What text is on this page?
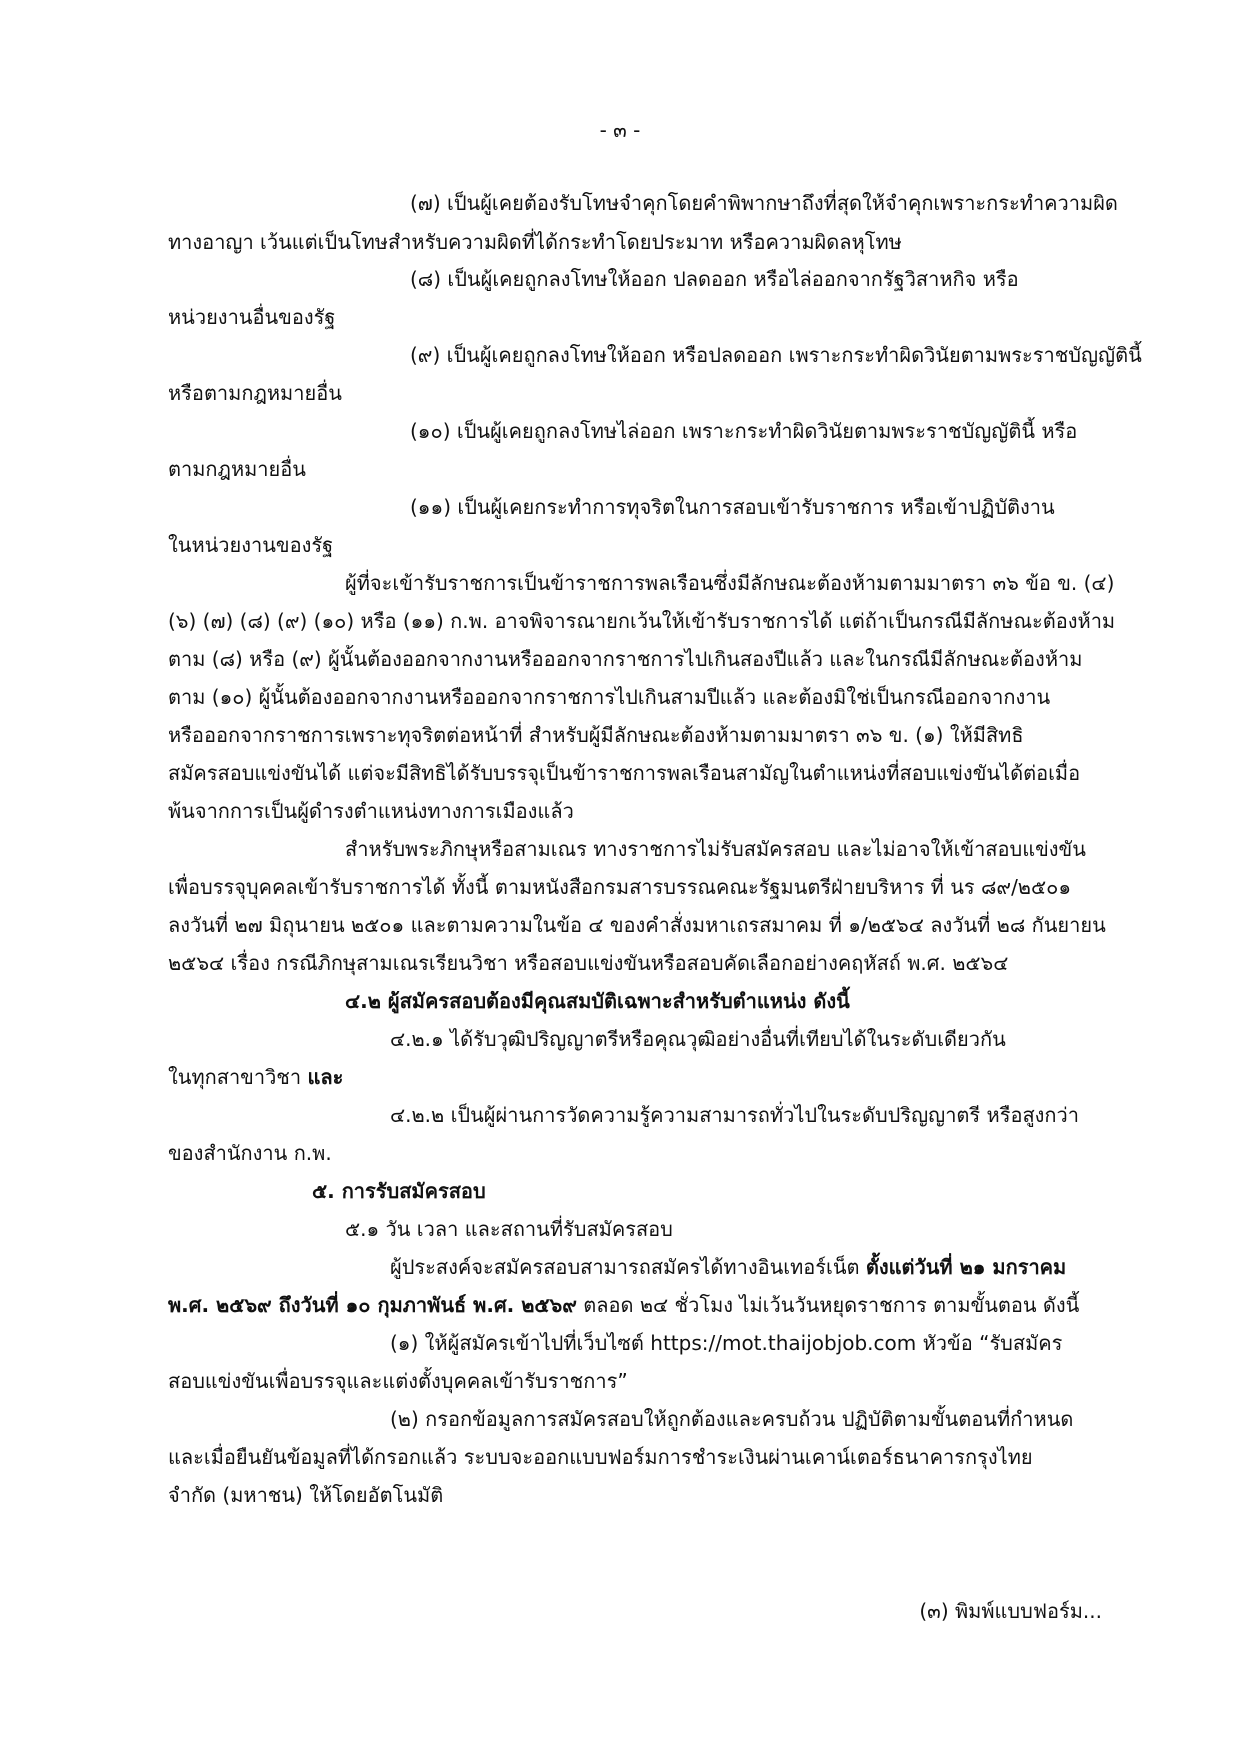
- ๓ -
(๗) เป็นผู้เคยต้องรับโทษจำคุกโดยคำพิพากษาถึงที่สุดให้จำคุกเพราะกระทำความผิด
ทางอาญา เว้นแต่เป็นโทษสำหรับความผิดที่ได้กระทำโดยประมาท หรือความผิดลหุโทษ
(๘) เป็นผู้เคยถูกลงโทษให้ออก ปลดออก หรือไล่ออกจากรัฐวิสาหกิจ หรือ
หน่วยงานอื่นของรัฐ
(๙) เป็นผู้เคยถูกลงโทษให้ออก หรือปลดออก เพราะกระทำผิดวินัยตามพระราชบัญญัตินี้
หรือตามกฎหมายอื่น
(๑๐) เป็นผู้เคยถูกลงโทษไล่ออก เพราะกระทำผิดวินัยตามพระราชบัญญัตินี้ หรือ
ตามกฎหมายอื่น
(๑๑) เป็นผู้เคยกระทำการทุจริตในการสอบเข้ารับราชการ หรือเข้าปฏิบัติงาน
ในหน่วยงานของรัฐ
ผู้ที่จะเข้ารับราชการเป็นข้าราชการพลเรือนซึ่งมีลักษณะต้องห้ามตามมาตรา ๓๖ ข้อ ข. (๔)
(๖) (๗) (๘) (๙) (๑๐) หรือ (๑๑) ก.พ. อาจพิจารณายกเว้นให้เข้ารับราชการได้ แต่ถ้าเป็นกรณีมีลักษณะต้องห้าม
ตาม (๘) หรือ (๙) ผู้นั้นต้องออกจากงานหรือออกจากราชการไปเกินสองปีแล้ว และในกรณีมีลักษณะต้องห้าม
ตาม (๑๐) ผู้นั้นต้องออกจากงานหรือออกจากราชการไปเกินสามปีแล้ว และต้องมิใช่เป็นกรณีออกจากงาน
หรือออกจากราชการเพราะทุจริตต่อหน้าที่ สำหรับผู้มีลักษณะต้องห้ามตามมาตรา ๓๖ ข. (๑) ให้มีสิทธิ
สมัครสอบแข่งขันได้ แต่จะมีสิทธิได้รับบรรจุเป็นข้าราชการพลเรือนสามัญในตำแหน่งที่สอบแข่งขันได้ต่อเมื่อ
พ้นจากการเป็นผู้ดำรงตำแหน่งทางการเมืองแล้ว
สำหรับพระภิกษุหรือสามเณร ทางราชการไม่รับสมัครสอบ และไม่อาจให้เข้าสอบแข่งขัน
เพื่อบรรจุบุคคลเข้ารับราชการได้ ทั้งนี้ ตามหนังสือกรมสารบรรณคณะรัฐมนตรีฝ่ายบริหาร ที่ นร ๘๙/๒๕๐๑
ลงวันที่ ๒๗ มิถุนายน ๒๕๐๑ และตามความในข้อ ๔ ของคำสั่งมหาเถรสมาคม ที่ ๑/๒๕๖๔ ลงวันที่ ๒๘ กันยายน
๒๕๖๔ เรื่อง กรณีภิกษุสามเณรเรียนวิชา หรือสอบแข่งขันหรือสอบคัดเลือกอย่างคฤหัสถ์ พ.ศ. ๒๕๖๔
๔.๒ ผู้สมัครสอบต้องมีคุณสมบัติเฉพาะสำหรับตำแหน่ง ดังนี้
๔.๒.๑ ได้รับวุฒิปริญญาตรีหรือคุณวุฒิอย่างอื่นที่เทียบได้ในระดับเดียวกัน
ในทุกสาขาวิชา และ
๔.๒.๒ เป็นผู้ผ่านการวัดความรู้ความสามารถทั่วไปในระดับปริญญาตรี หรือสูงกว่า
ของสำนักงาน ก.พ.
๕. การรับสมัครสอบ
๕.๑ วัน เวลา และสถานที่รับสมัครสอบ
ผู้ประสงค์จะสมัครสอบสามารถสมัครได้ทางอินเทอร์เน็ต ตั้งแต่วันที่ ๒๑ มกราคม
พ.ศ. ๒๕๖๙ ถึงวันที่ ๑๐ กุมภาพันธ์ พ.ศ. ๒๕๖๙ ตลอด ๒๔ ชั่วโมง ไม่เว้นวันหยุดราชการ ตามขั้นตอน ดังนี้
(๑) ให้ผู้สมัครเข้าไปที่เว็บไซต์ https://mot.thaijobjob.com หัวข้อ “รับสมัคร
สอบแข่งขันเพื่อบรรจุและแต่งตั้งบุคคลเข้ารับราชการ”
(๒) กรอกข้อมูลการสมัครสอบให้ถูกต้องและครบถ้วน ปฏิบัติตามขั้นตอนที่กำหนด
และเมื่อยืนยันข้อมูลที่ได้กรอกแล้ว ระบบจะออกแบบฟอร์มการชำระเงินผ่านเคาน์เตอร์ธนาคารกรุงไทย
จำกัด (มหาชน) ให้โดยอัตโนมัติ
(๓) พิมพ์แบบฟอร์ม...
